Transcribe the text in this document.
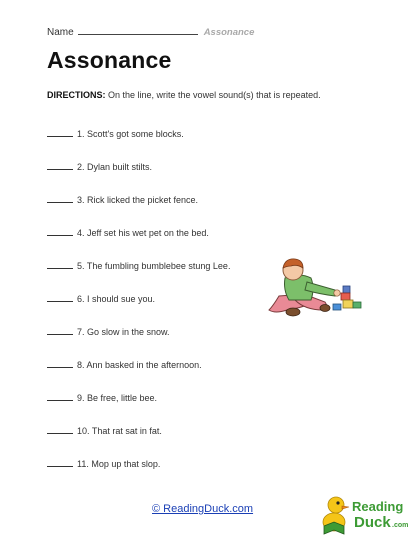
Name	Assonance
Assonance
DIRECTIONS: On the line, write the vowel sound(s) that is repeated.
1. Scott's got some blocks.
2. Dylan built stilts.
3. Rick licked the picket fence.
4. Jeff set his wet pet on the bed.
5. The fumbling bumblebee stung Lee.
6. I should sue you.
7. Go slow in the snow.
8. Ann basked in the afternoon.
9. Be free, little bee.
10. That rat sat in fat.
11. Mop up that slop.
© ReadingDuck.com	Reading
Duck .com
